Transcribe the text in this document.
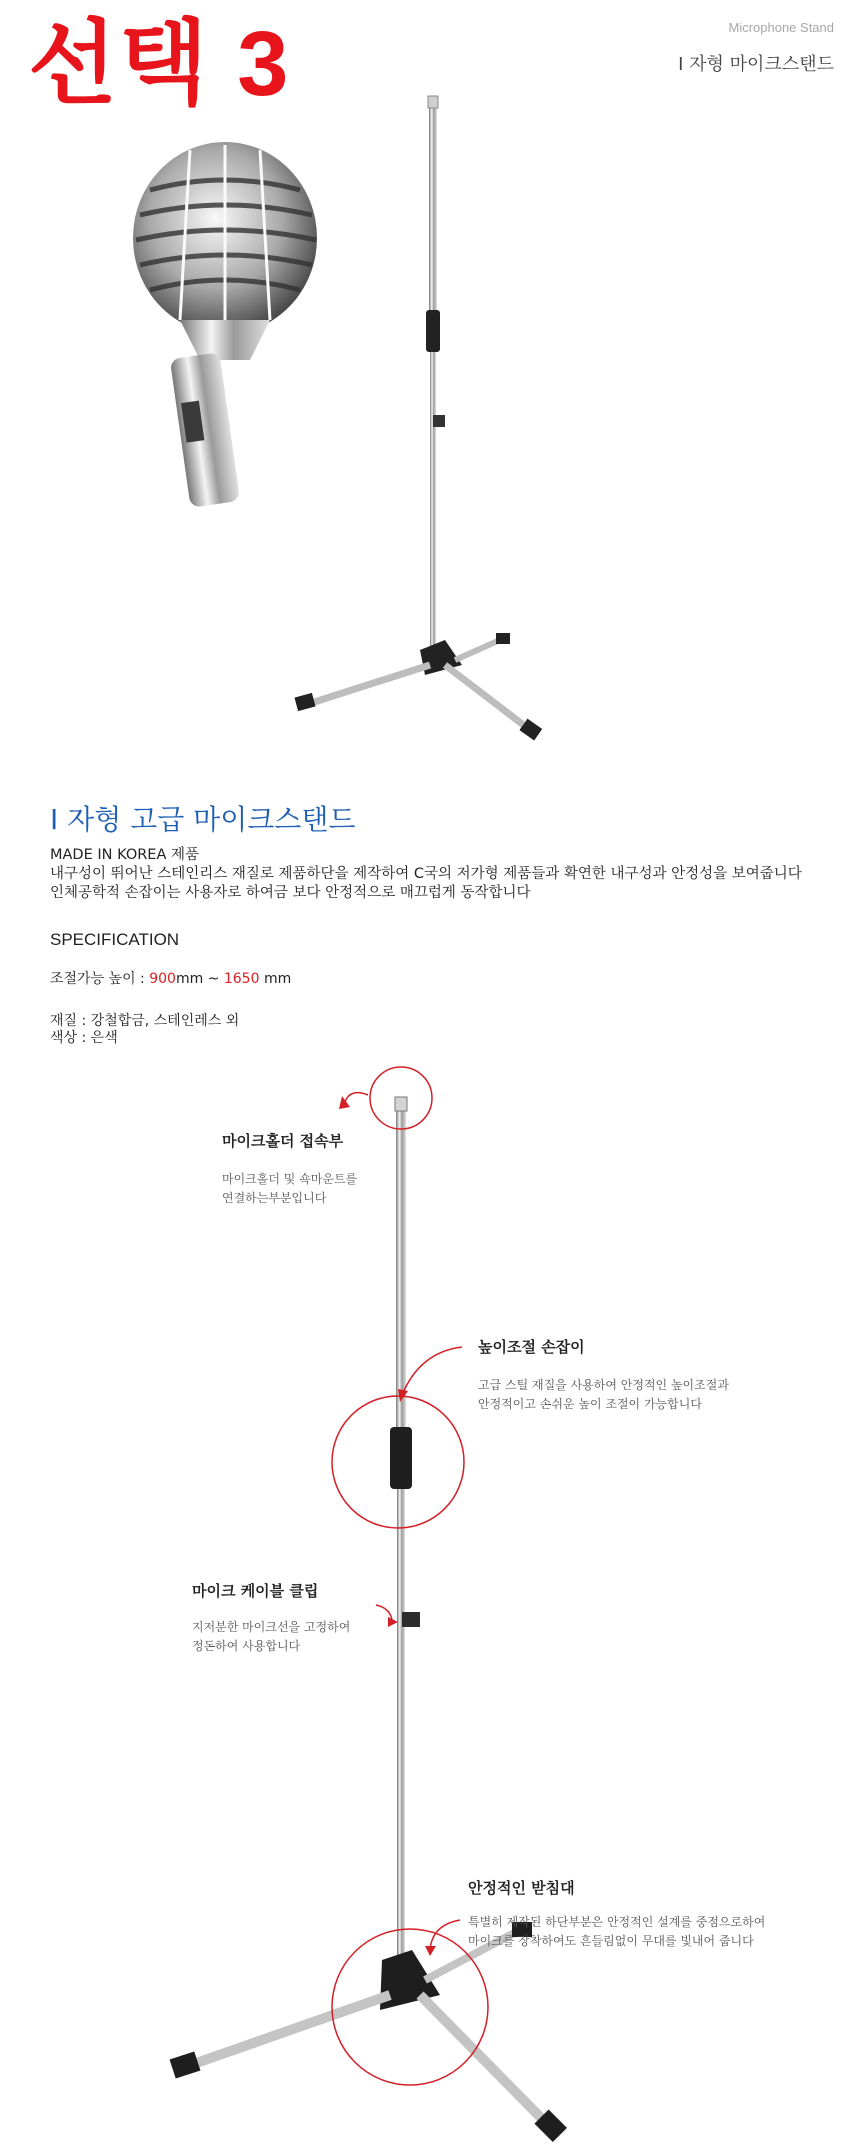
선택 3	Microphone Stand
I 자형 마이크스탠드
I 자형 고급 마이크스탠드
MADE IN KOREA 제품
내구성이 뛰어난 스테인리스 재질로 제품하단을 제작하여 C국의 저가형 제품들과 확연한 내구성과 안정성을 보여줍니다
인체공학적 손잡이는 사용자로 하여금 보다 안정적으로 매끄럽게 동작합니다
SPECIFICATION
조절가능 높이 : 900mm ~ 1650 mm
재질 : 강철합금, 스테인레스 외
색상 : 은색
마이크홀더 접속부
마이크홀더 및 쇽마운트를
연결하는부분입니다
높이조절 손잡이
고급 스틸 재질을 사용하여 안정적인 높이조절과
안정적이고 손쉬운 높이 조절이 가능합니다
마이크 케이블 클립
지저분한 마이크선을 고정하여
정돈하여 사용합니다
안정적인 받침대
특별히 제작된 하단부분은 안정적인 설계를 중점으로하여
마이크를 장착하여도 흔들림없이 무대를 빛내어 줍니다
